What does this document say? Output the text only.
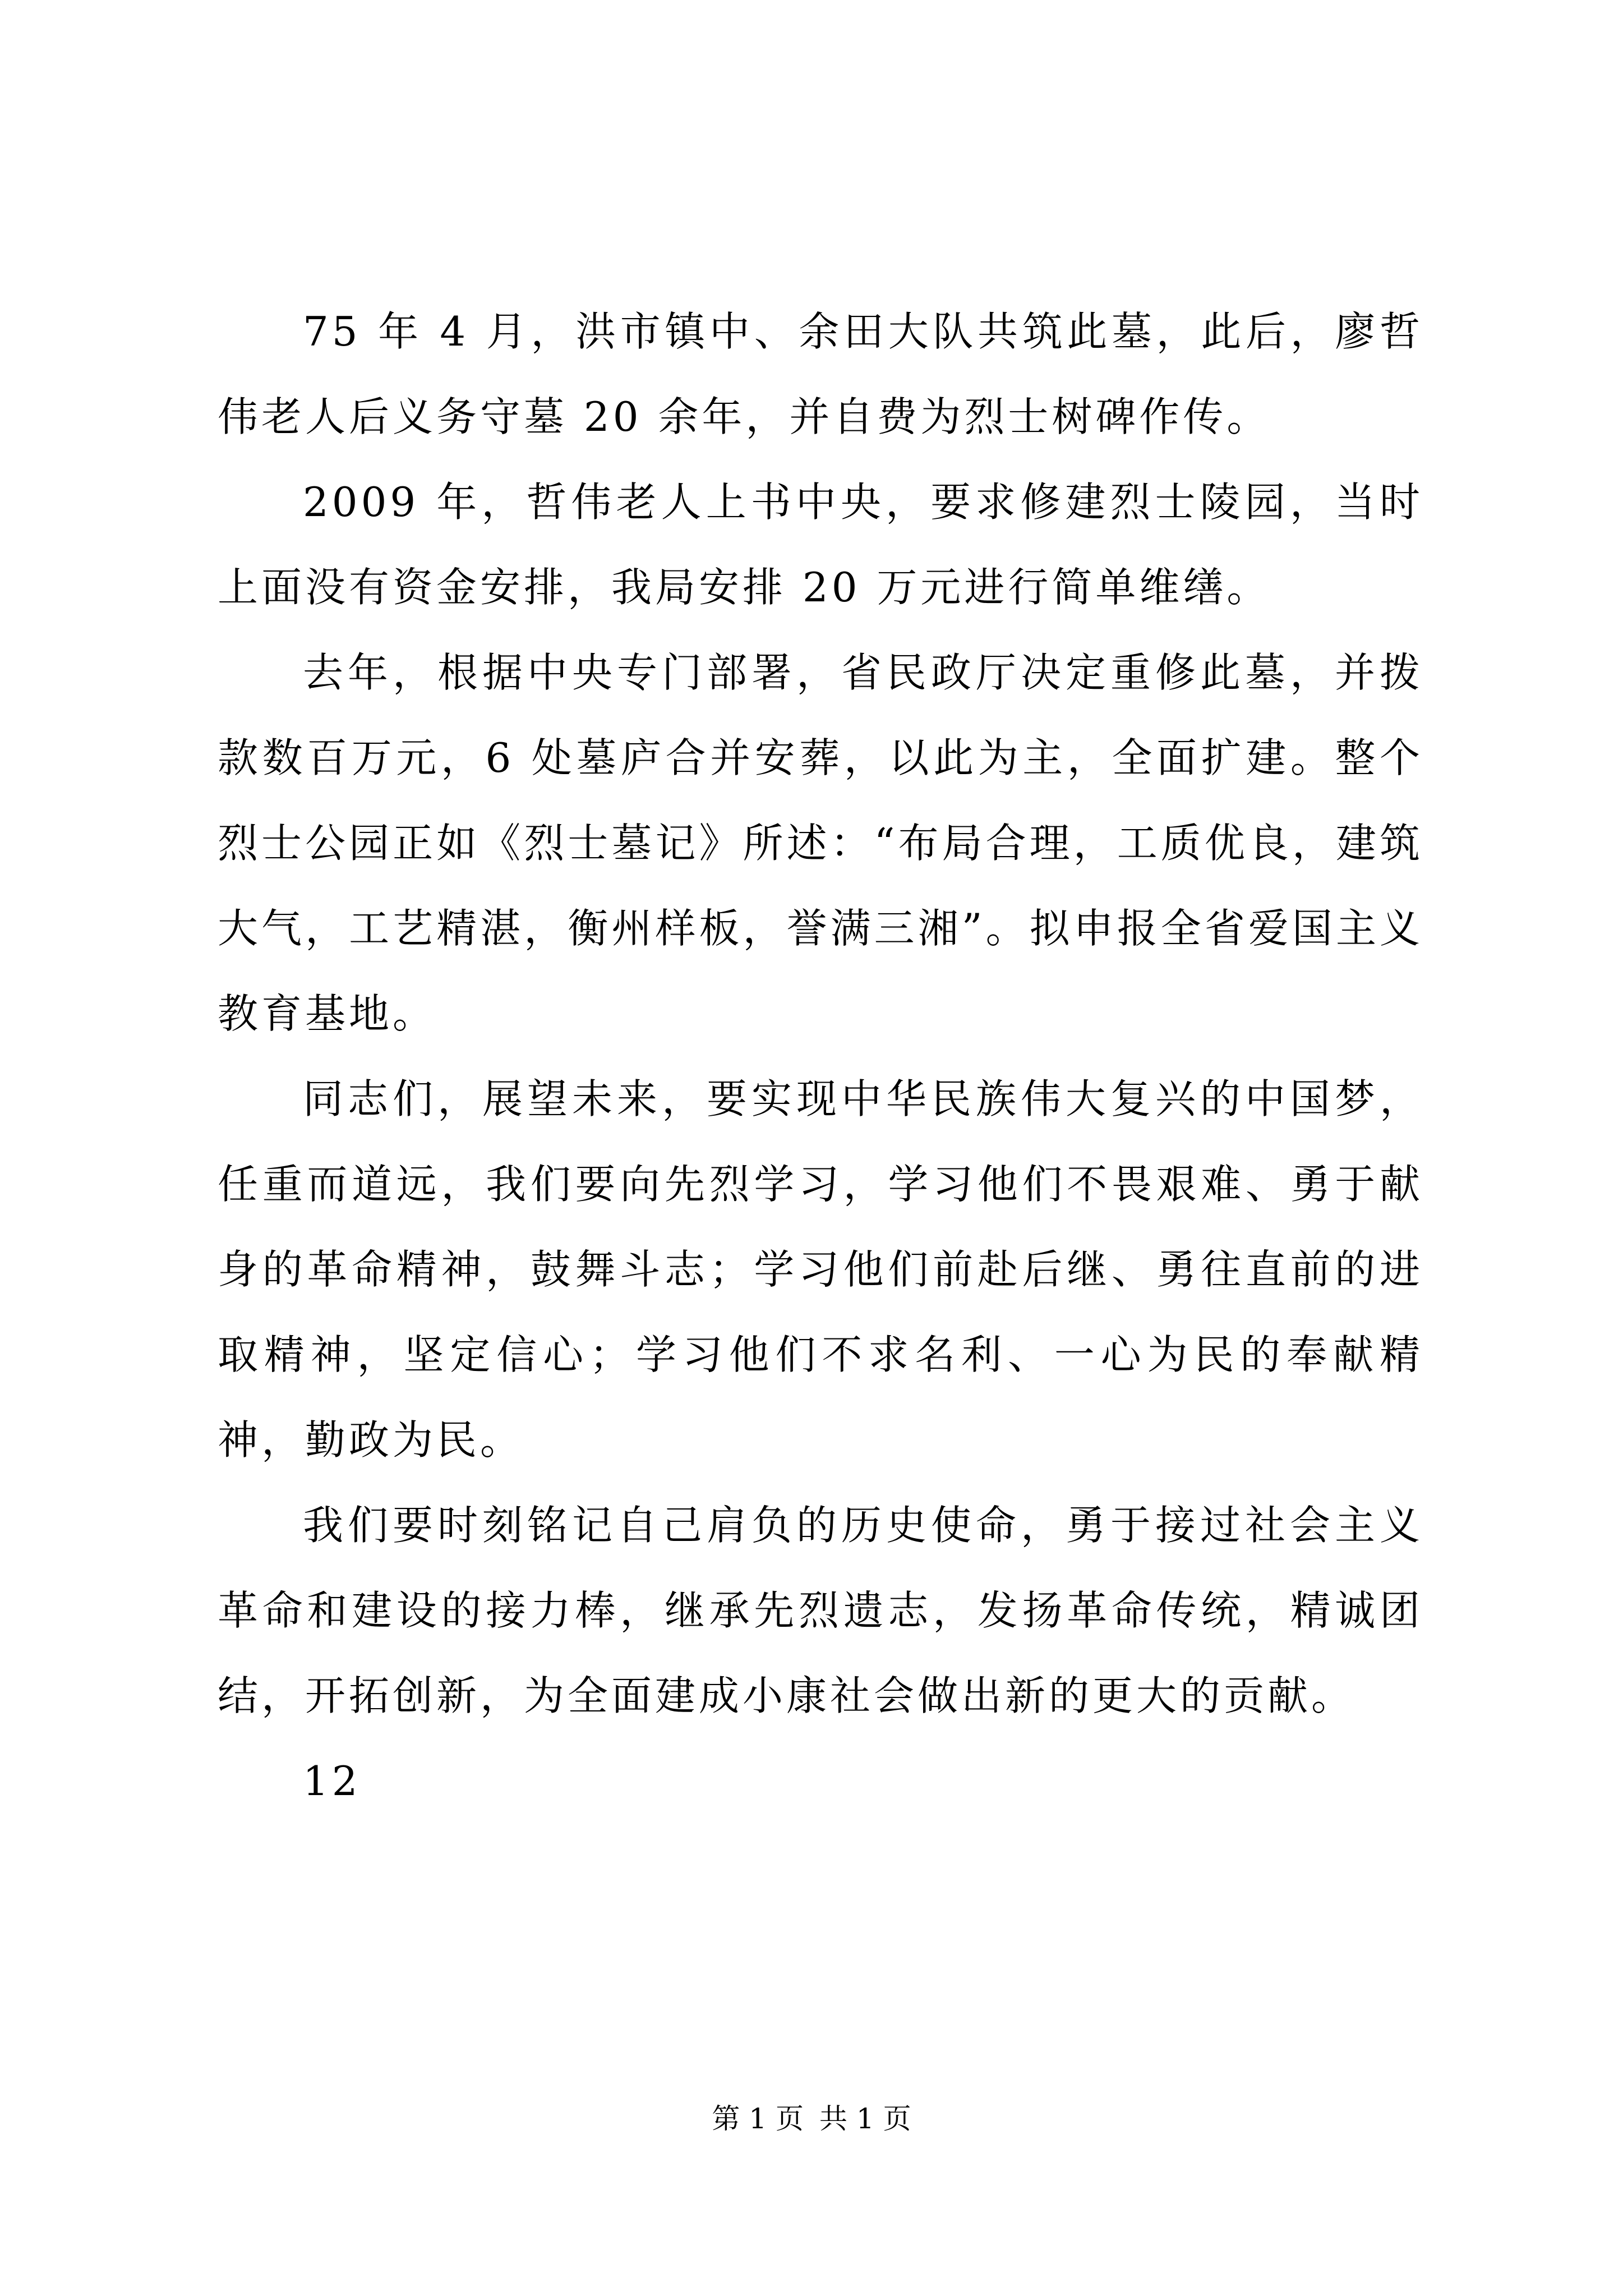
75 年 4 月，洪市镇中、余田大队共筑此墓，此后，廖哲伟老人后义务守墓 20 余年，并自费为烈士树碑作传。

2009 年，哲伟老人上书中央，要求修建烈士陵园，当时上面没有资金安排，我局安排 20 万元进行简单维缮。

去年，根据中央专门部署，省民政厅决定重修此墓，并拨款数百万元，6 处墓庐合并安葬，以此为主，全面扩建。整个烈士公园正如《烈士墓记》所述：“布局合理，工质优良，建筑大气，工艺精湛，衡州样板，誉满三湘”。拟申报全省爱国主义教育基地。

同志们，展望未来，要实现中华民族伟大复兴的中国梦，任重而道远，我们要向先烈学习，学习他们不畏艰难、勇于献身的革命精神，鼓舞斗志；学习他们前赴后继、勇往直前的进取精神，坚定信心；学习他们不求名利、一心为民的奉献精神，勤政为民。

我们要时刻铭记自己肩负的历史使命，勇于接过社会主义革命和建设的接力棒，继承先烈遗志，发扬革命传统，精诚团结，开拓创新，为全面建成小康社会做出新的更大的贡献。

12

第 1 页 共 1 页
